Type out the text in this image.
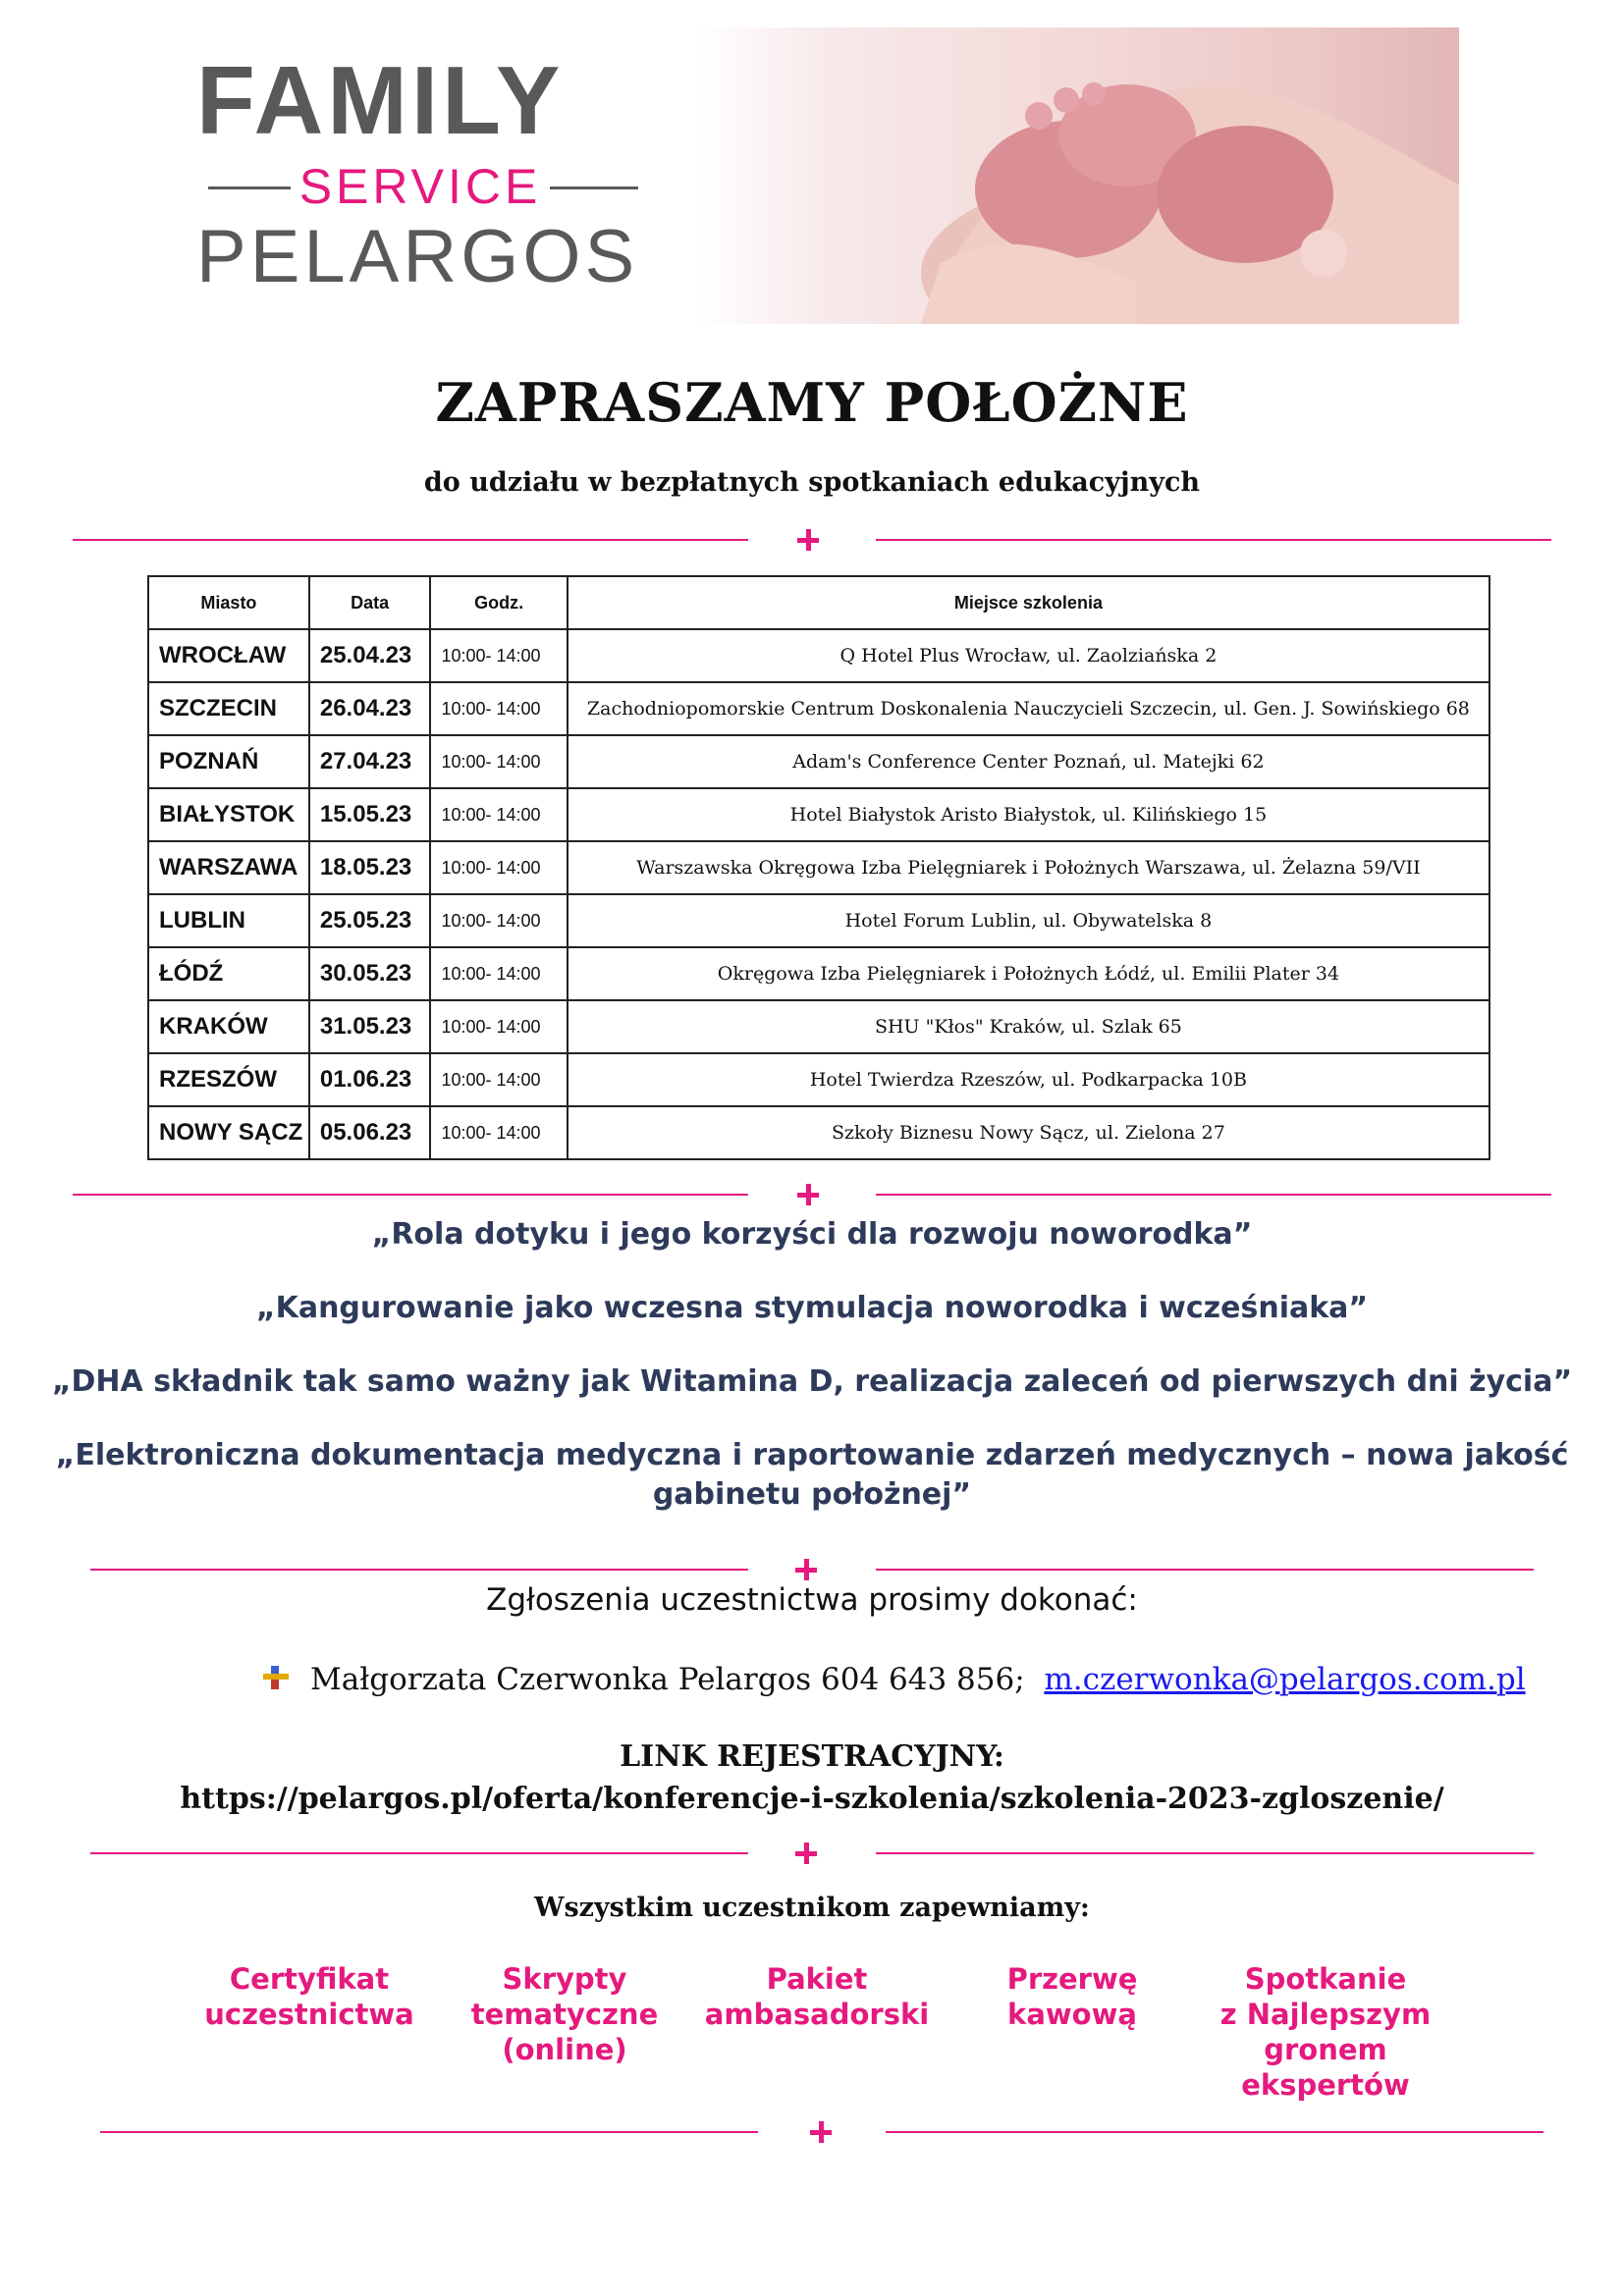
FAMILY
SERVICE
PELARGOS
ZAPRASZAMY POŁOŻNE
do udziału w bezpłatnych spotkaniach edukacyjnych
Miasto	Data	Godz.	Miejsce szkolenia
WROCŁAW	25.04.23	10:00- 14:00	Q Hotel Plus Wrocław, ul. Zaolziańska 2
SZCZECIN	26.04.23	10:00- 14:00	Zachodniopomorskie Centrum Doskonalenia Nauczycieli Szczecin, ul. Gen. J. Sowińskiego 68
POZNAŃ	27.04.23	10:00- 14:00	Adam's Conference Center Poznań, ul. Matejki 62
BIAŁYSTOK	15.05.23	10:00- 14:00	Hotel Białystok Aristo Białystok, ul. Kilińskiego 15
WARSZAWA	18.05.23	10:00- 14:00	Warszawska Okręgowa Izba Pielęgniarek i Położnych Warszawa, ul. Żelazna 59/VII
LUBLIN	25.05.23	10:00- 14:00	Hotel Forum Lublin, ul. Obywatelska 8
ŁÓDŹ	30.05.23	10:00- 14:00	Okręgowa Izba Pielęgniarek i Położnych Łódź, ul. Emilii Plater 34
KRAKÓW	31.05.23	10:00- 14:00	SHU "Kłos" Kraków, ul. Szlak 65
RZESZÓW	01.06.23	10:00- 14:00	Hotel Twierdza Rzeszów, ul. Podkarpacka 10B
NOWY SĄCZ	05.06.23	10:00- 14:00	Szkoły Biznesu Nowy Sącz, ul. Zielona 27
„Rola dotyku i jego korzyści dla rozwoju noworodka”
„Kangurowanie jako wczesna stymulacja noworodka i wcześniaka”
„DHA składnik tak samo ważny jak Witamina D, realizacja zaleceń od pierwszych dni życia”
„Elektroniczna dokumentacja medyczna i raportowanie zdarzeń medycznych – nowa jakość
gabinetu położnej”
Zgłoszenia uczestnictwa prosimy dokonać:
Małgorzata Czerwonka Pelargos 604 643 856; m.czerwonka@pelargos.com.pl
LINK REJESTRACYJNY:
https://pelargos.pl/oferta/konferencje-i-szkolenia/szkolenia-2023-zgloszenie/
Wszystkim uczestnikom zapewniamy:
Certyfikat
uczestnictwa
Skrypty
tematyczne
(online)
Pakiet
ambasadorski
Przerwę
kawową
Spotkanie
z Najlepszym
gronem
ekspertów
